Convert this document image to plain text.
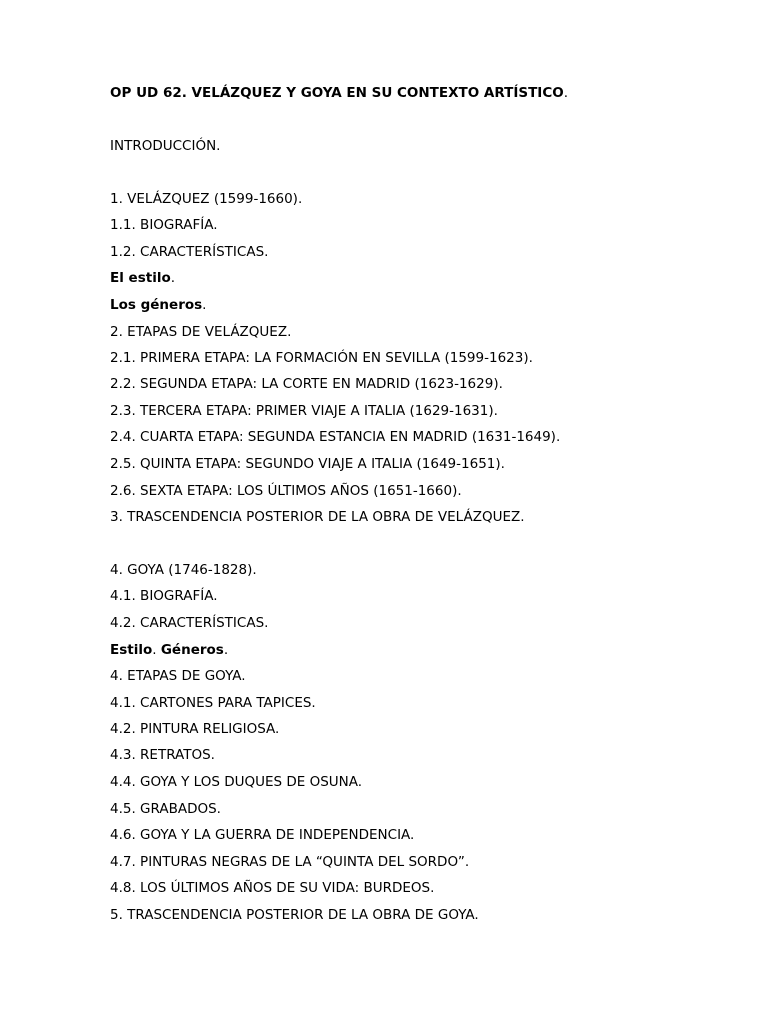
OP UD 62. VELÁZQUEZ Y GOYA EN SU CONTEXTO ARTÍSTICO.
INTRODUCCIÓN.
1. VELÁZQUEZ (1599-1660).
1.1. BIOGRAFÍA.
1.2. CARACTERÍSTICAS.
El estilo.
Los géneros.
2. ETAPAS DE VELÁZQUEZ.
2.1. PRIMERA ETAPA: LA FORMACIÓN EN SEVILLA (1599-1623).
2.2. SEGUNDA ETAPA: LA CORTE EN MADRID (1623-1629).
2.3. TERCERA ETAPA: PRIMER VIAJE A ITALIA (1629-1631).
2.4. CUARTA ETAPA: SEGUNDA ESTANCIA EN MADRID (1631-1649).
2.5. QUINTA ETAPA: SEGUNDO VIAJE A ITALIA (1649-1651).
2.6. SEXTA ETAPA: LOS ÚLTIMOS AÑOS (1651-1660).
3. TRASCENDENCIA POSTERIOR DE LA OBRA DE VELÁZQUEZ.
4. GOYA (1746-1828).
4.1. BIOGRAFÍA.
4.2. CARACTERÍSTICAS.
Estilo. Géneros.
4. ETAPAS DE GOYA.
4.1. CARTONES PARA TAPICES.
4.2. PINTURA RELIGIOSA.
4.3. RETRATOS.
4.4. GOYA Y LOS DUQUES DE OSUNA.
4.5. GRABADOS.
4.6. GOYA Y LA GUERRA DE INDEPENDENCIA.
4.7. PINTURAS NEGRAS DE LA “QUINTA DEL SORDO”.
4.8. LOS ÚLTIMOS AÑOS DE SU VIDA: BURDEOS.
5. TRASCENDENCIA POSTERIOR DE LA OBRA DE GOYA.
